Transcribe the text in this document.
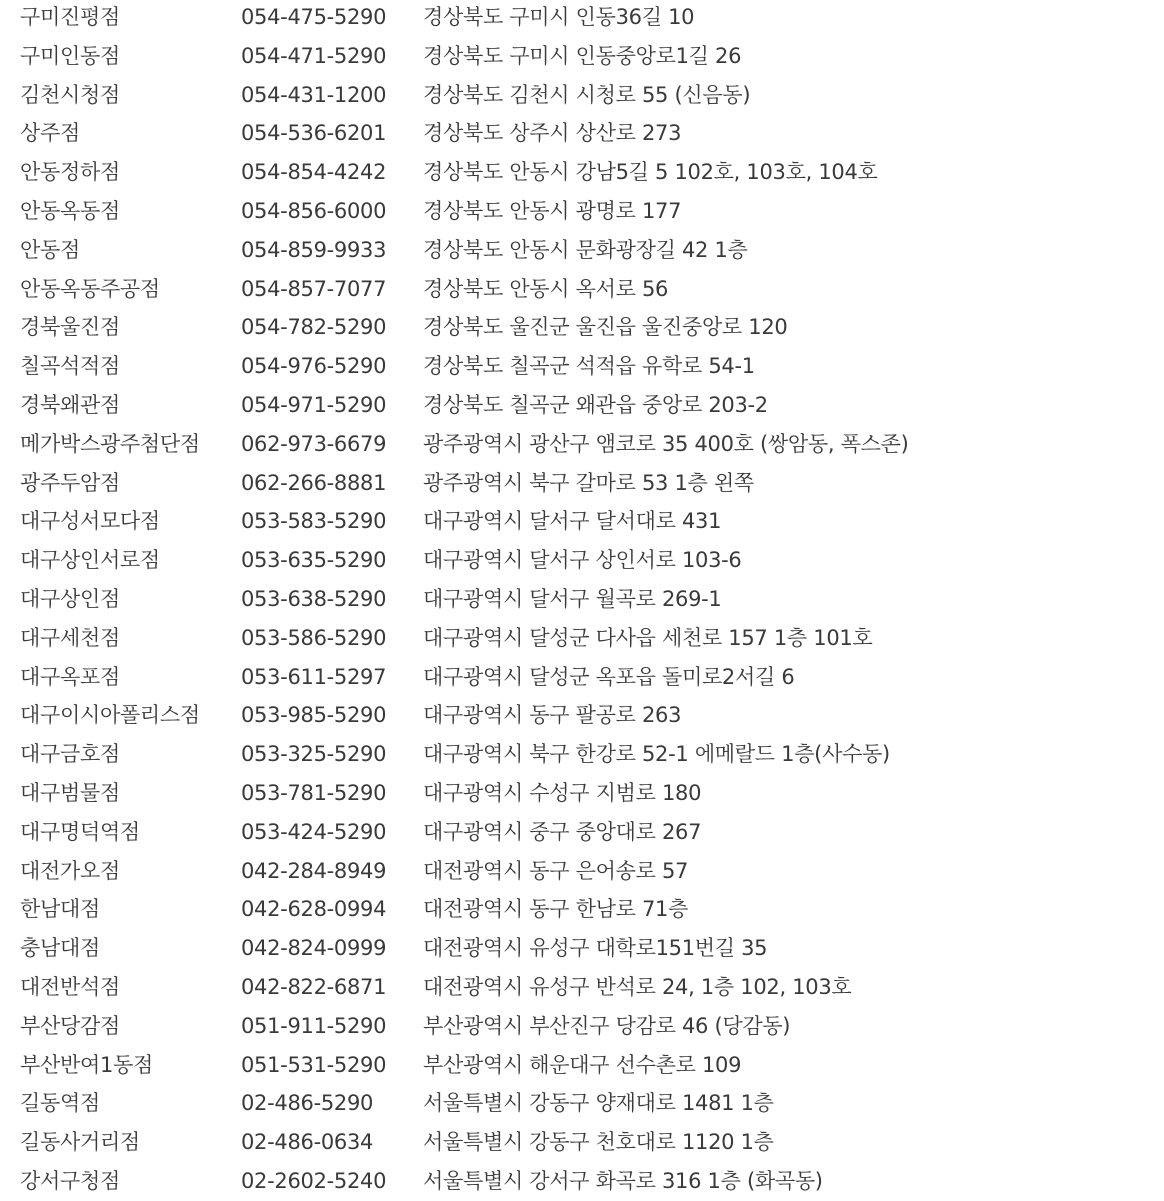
구미진평점	054-475-5290 경상북도 구미시 인동36길 10
구미인동점	054-471-5290 경상북도 구미시 인동중앙로1길 26
김천시청점	054-431-1200 경상북도 김천시 시청로 55 (신음동)
상주점	054-536-6201 경상북도 상주시 상산로 273
안동정하점	054-854-4242 경상북도 안동시 강남5길 5 102호, 103호, 104호
안동옥동점	054-856-6000 경상북도 안동시 광명로 177
안동점	054-859-9933 경상북도 안동시 문화광장길 42 1층
안동옥동주공점	054-857-7077 경상북도 안동시 옥서로 56
경북울진점	054-782-5290 경상북도 울진군 울진읍 울진중앙로 120
칠곡석적점	054-976-5290 경상북도 칠곡군 석적읍 유학로 54-1
경북왜관점	054-971-5290 경상북도 칠곡군 왜관읍 중앙로 203-2
메가박스광주첨단점 062-973-6679 광주광역시 광산구 앰코로 35 400호 (쌍암동, 폭스존)
광주두암점	062-266-8881 광주광역시 북구 갈마로 53 1층 왼쪽
대구성서모다점	053-583-5290 대구광역시 달서구 달서대로 431
대구상인서로점	053-635-5290 대구광역시 달서구 상인서로 103-6
대구상인점	053-638-5290 대구광역시 달서구 월곡로 269-1
대구세천점	053-586-5290 대구광역시 달성군 다사읍 세천로 157 1층 101호
대구옥포점	053-611-5297 대구광역시 달성군 옥포읍 돌미로2서길 6
대구이시아폴리스점 053-985-5290 대구광역시 동구 팔공로 263
대구금호점	053-325-5290 대구광역시 북구 한강로 52-1 에메랄드 1층(사수동)
대구범물점	053-781-5290 대구광역시 수성구 지범로 180
대구명덕역점	053-424-5290 대구광역시 중구 중앙대로 267
대전가오점	042-284-8949 대전광역시 동구 은어송로 57
한남대점	042-628-0994 대전광역시 동구 한남로 71층
충남대점	042-824-0999 대전광역시 유성구 대학로151번길 35
대전반석점	042-822-6871 대전광역시 유성구 반석로 24, 1층 102, 103호
부산당감점	051-911-5290 부산광역시 부산진구 당감로 46 (당감동)
부산반여1동점	051-531-5290 부산광역시 해운대구 선수촌로 109
길동역점	02-486-5290 서울특별시 강동구 양재대로 1481 1층
길동사거리점	02-486-0634 서울특별시 강동구 천호대로 1120 1층
강서구청점	02-2602-5240 서울특별시 강서구 화곡로 316 1층 (화곡동)
